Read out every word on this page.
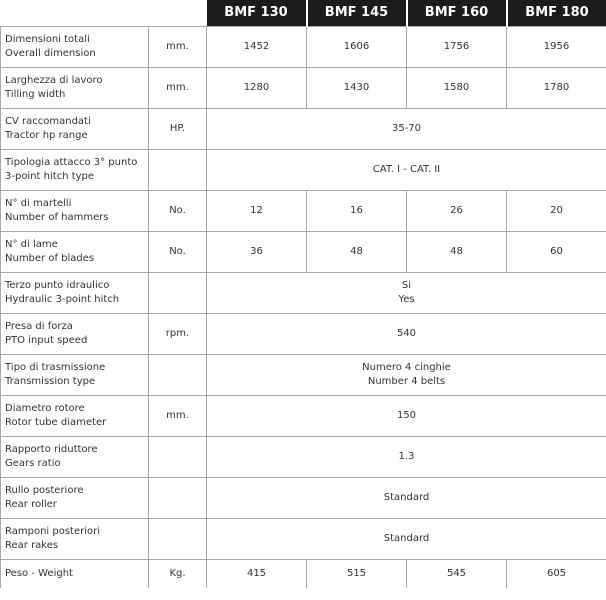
		BMF 130	BMF 145	BMF 160	BMF 180

Dimensioni totali
Overall dimension	mm.	1452	1606	1756	1956

Larghezza di lavoro
Tilling width	mm.	1280	1430	1580	1780

CV raccomandati
Tractor hp range	HP.	35-70			

Tipologia attacco 3° punto
3-point hitch type		CAT. I - CAT. II			

N° di martelli
Number of hammers	No.	12	16	26	20

N° di lame
Number of blades	No.	36	48	48	60

Terzo punto idraulico
Hydraulic 3-point hitch		Si
Yes			

Presa di forza
PTO input speed	rpm.	540			

Tipo di trasmissione
Transmission type		Numero 4 cinghie
Number 4 belts			

Diametro rotore
Rotor tube diameter	mm.	150			

Rapporto riduttore
Gears ratio		1.3			

Rullo posteriore
Rear roller		Standard			

Ramponi posteriori
Rear rakes		Standard			

Peso - Weight	Kg.	415	515	545	605
